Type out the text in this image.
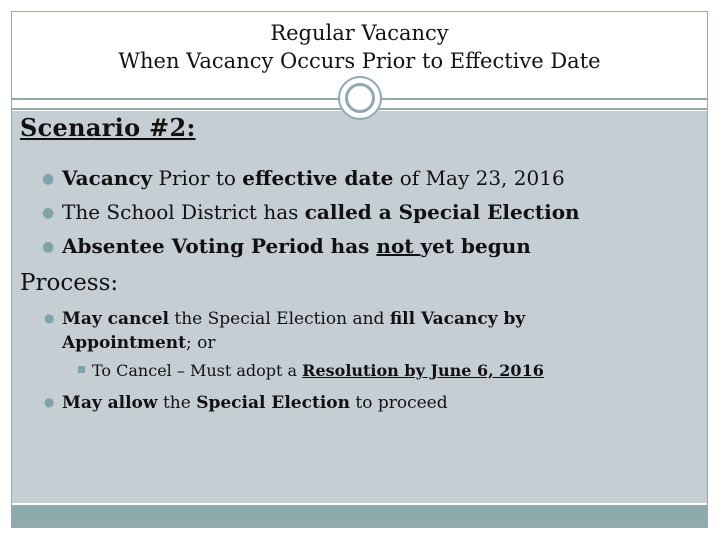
Regular Vacancy
When Vacancy Occurs Prior to Effective Date
Scenario #2:
● Vacancy Prior to effective date of May 23, 2016
● The School District has called a Special Election
● Absentee Voting Period has not yet begun
Process:
● May cancel the Special Election and fill Vacancy by
Appointment; or
To Cancel – Must adopt a Resolution by June 6, 2016
● May allow the Special Election to proceed
